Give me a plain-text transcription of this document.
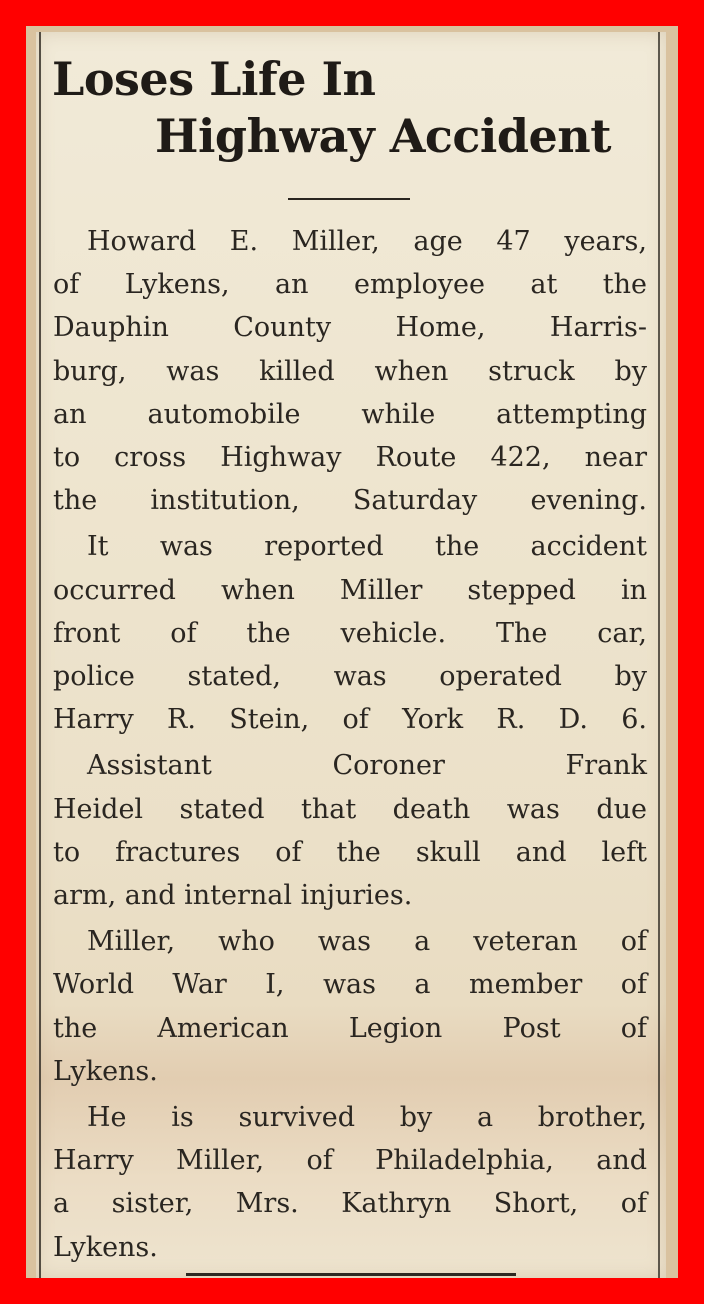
Loses Life In
Highway Accident

Howard E. Miller, age 47 years,
of Lykens, an employee at the
Dauphin County Home, Harris-
burg, was killed when struck by
an automobile while attempting
to cross Highway Route 422, near
the institution, Saturday evening.

It was reported the accident
occurred when Miller stepped in
front of the vehicle. The car,
police stated, was operated by
Harry R. Stein, of York R. D. 6.

Assistant Coroner Frank
Heidel stated that death was due
to fractures of the skull and left
arm, and internal injuries.

Miller, who was a veteran of
World War I, was a member of
the American Legion Post of
Lykens.

He is survived by a brother,
Harry Miller, of Philadelphia, and
a sister, Mrs. Kathryn Short, of
Lykens.
